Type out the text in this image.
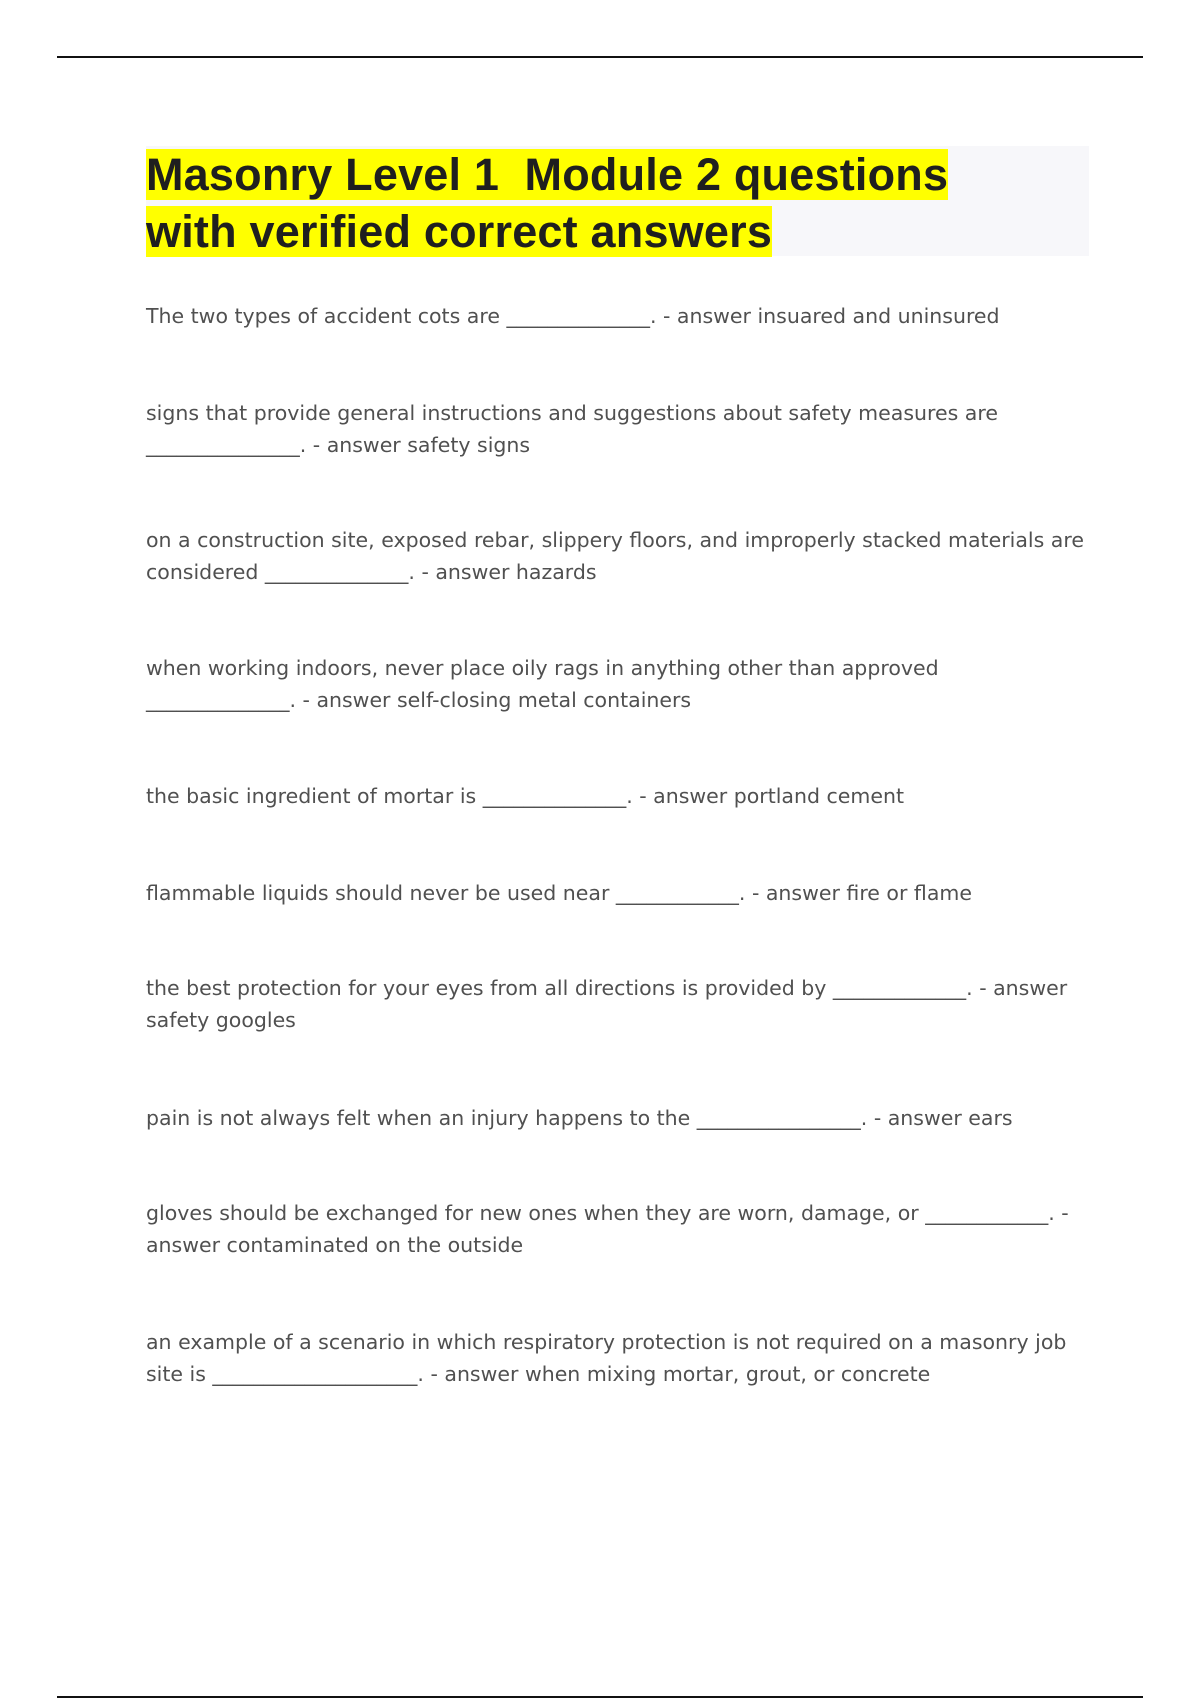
Masonry Level 1  Module 2 questions
with verified correct answers
The two types of accident cots are ______________. - answer insuared and uninsured
signs that provide general instructions and suggestions about safety measures are _______________. - answer safety signs
on a construction site, exposed rebar, slippery floors, and improperly stacked materials are considered ______________. - answer hazards
when working indoors, never place oily rags in anything other than approved ______________. - answer self-closing metal containers
the basic ingredient of mortar is ______________. - answer portland cement
flammable liquids should never be used near ____________. - answer fire or flame
the best protection for your eyes from all directions is provided by _____________. - answer safety googles
pain is not always felt when an injury happens to the ________________. - answer ears
gloves should be exchanged for new ones when they are worn, damage, or ____________. - answer contaminated on the outside
an example of a scenario in which respiratory protection is not required on a masonry job site is ____________________. - answer when mixing mortar, grout, or concrete
